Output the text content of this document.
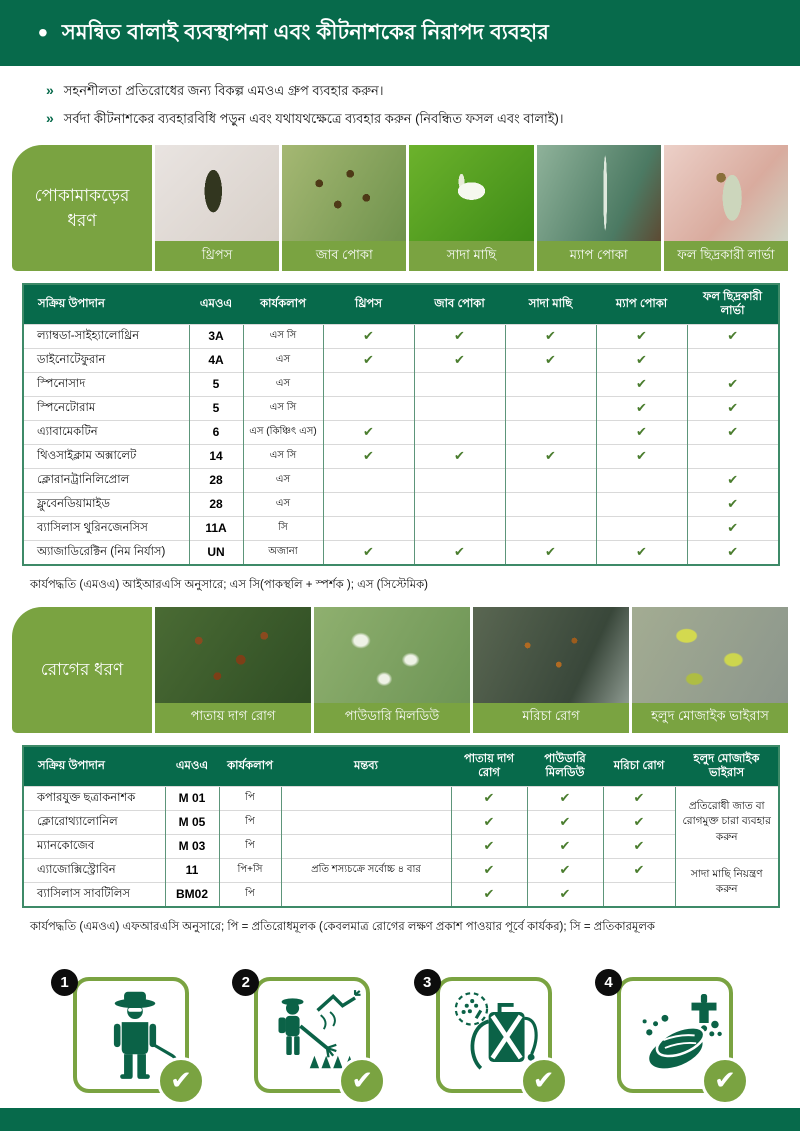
• সমন্বিত বালাই ব্যবস্থাপনা এবং কীটনাশকের নিরাপদ ব্যবহার
» সহনশীলতা প্রতিরোধের জন্য বিকল্প এমওএ গ্রুপ ব্যবহার করুন।
» সর্বদা কীটনাশকের ব্যবহারবিধি পড়ুন এবং যথাযথক্ষেত্রে ব্যবহার করুন (নিবন্ধিত ফসল এবং বালাই)।
পোকামাকড়ের ধরণ
থ্রিপস	জাব পোকা	সাদা মাছি	ম্যাপ পোকা	ফল ছিদ্রকারী লার্ভা
সক্রিয় উপাদান	এমওএ	কার্যকলাপ	থ্রিপস	জাব পোকা	সাদা মাছি	ম্যাপ পোকা	ফল ছিদ্রকারী লার্ভা
ল্যাম্বডা-সাইহ্যালোথ্রিন	3A	এস সি	✔	✔	✔	✔	✔
ডাইনোটেফুরান	4A	এস	✔	✔	✔	✔	
স্পিনোসাদ	5	এস				✔	✔
স্পিনেটোরাম	5	এস সি				✔	✔
এ্যাবামেকটিন	6	এস (কিঞ্চিৎ এস)	✔			✔	✔
থিওসাইক্লাম অক্সালেট	14	এস সি	✔	✔	✔	✔	
ক্লোরানট্রানিলিপ্রোল	28	এস					✔
ফ্লুবেনডিয়ামাইড	28	এস					✔
ব্যাসিলাস থুরিনজেনসিস	11A	সি					✔
অ্যাজাডিরেক্টিন (নিম নির্যাস)	UN	অজানা	✔	✔	✔	✔	✔
কার্যপদ্ধতি (এমওএ) আইআরএসি অনুসারে; এস সি(পাকস্থলি + স্পর্শক ); এস (সিস্টেমিক)
রোগের ধরণ
পাতায় দাগ রোগ	পাউডারি মিলডিউ	মরিচা রোগ	হলুদ মোজাইক ভাইরাস
সক্রিয় উপাদান	এমওএ	কার্যকলাপ	মন্তব্য	পাতায় দাগ রোগ	পাউডারি মিলডিউ	মরিচা রোগ	হলুদ মোজাইক ভাইরাস
কপারযুক্ত ছত্রাকনাশক	M 01	পি		✔	✔	✔	প্রতিরোধী জাত বা রোগমুক্ত চারা ব্যবহার করুন
ক্লোরোথ্যালোনিল	M 05	পি		✔	✔	✔	
ম্যানকোজেব	M 03	পি		✔	✔	✔	
এ্যাজোক্সিস্ট্রোবিন	11	পি+সি	প্রতি শস্যচক্রে সর্বোচ্চ ৪ বার	✔	✔	✔	সাদা মাছি নিয়ন্ত্রণ করুন
ব্যাসিলাস সাবটিলিস	BM02	পি		✔	✔		
কার্যপদ্ধতি (এমওএ) এফআরএসি অনুসারে; পি = প্রতিরোধমূলক (কেবলমাত্র রোগের লক্ষণ প্রকাশ পাওয়ার পূর্বে কার্যকর); সি = প্রতিকারমূলক
1
✔
2
✔
3
✔
4
✔
